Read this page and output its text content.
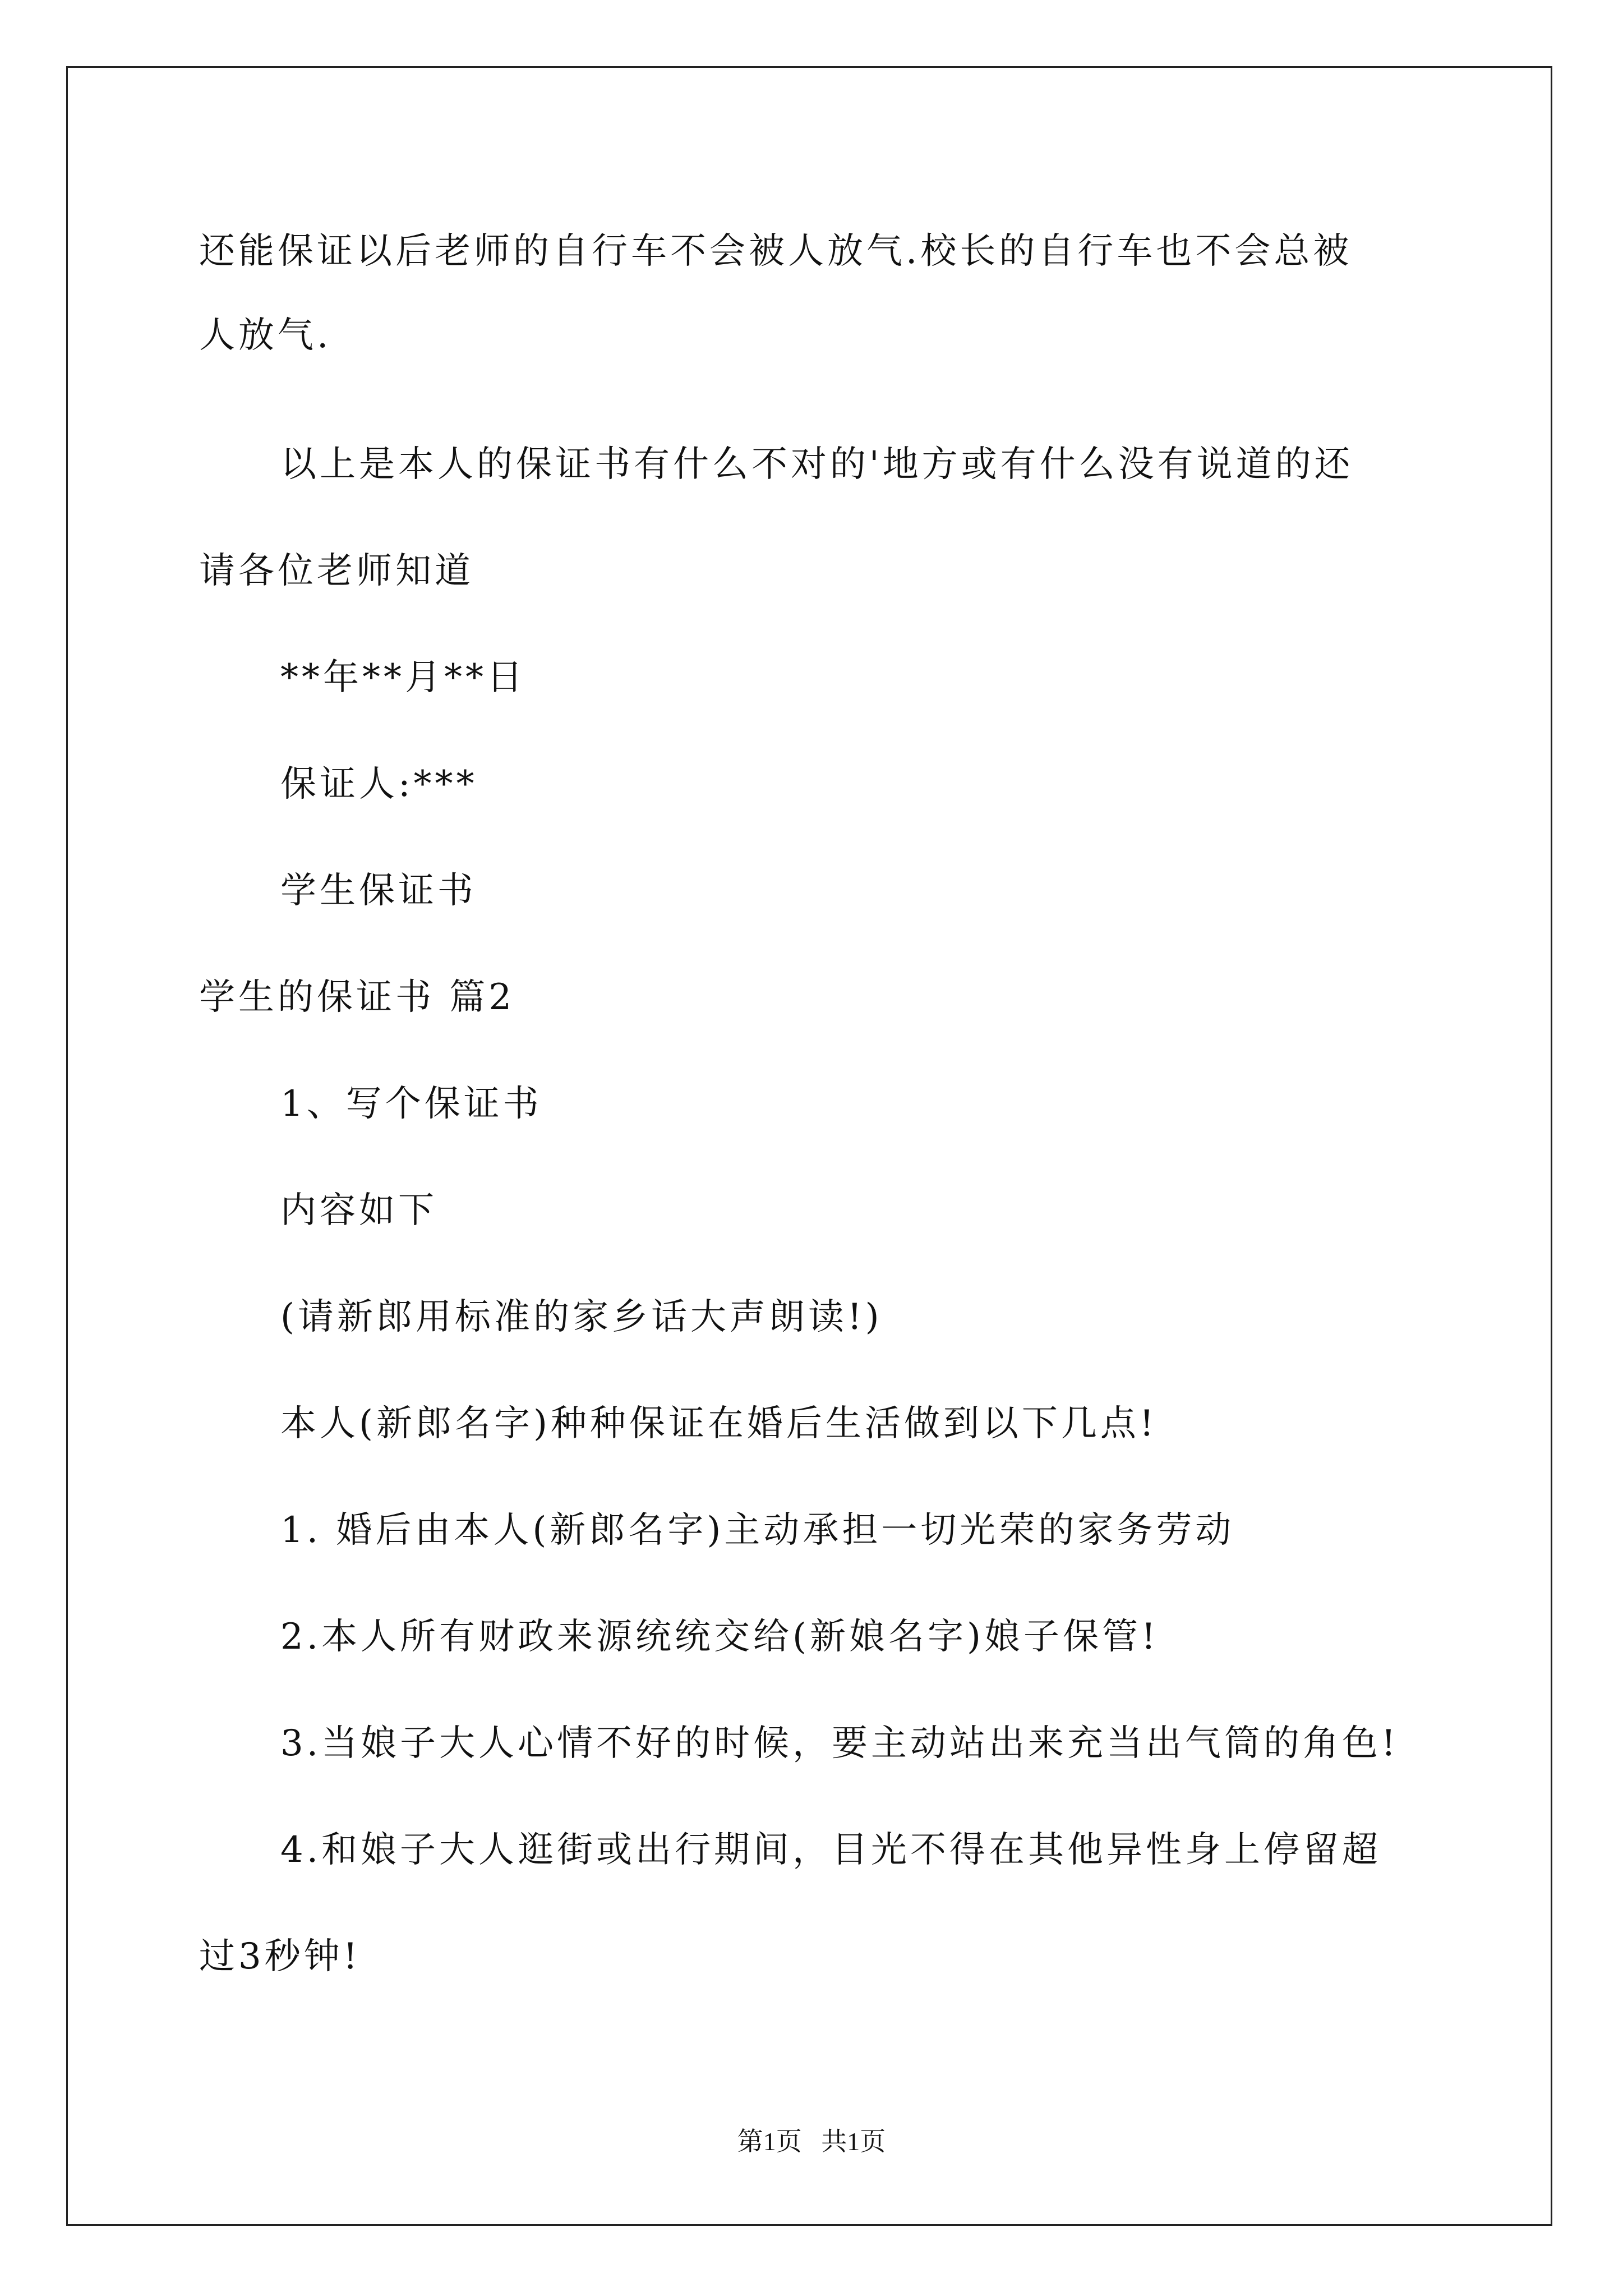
还能保证以后老师的自行车不会被人放气.校长的自行车也不会总被
人放气.
以上是本人的保证书有什么不对的'地方或有什么没有说道的还
请各位老师知道
**年**月**日
保证人:***
学生保证书
学生的保证书 篇2
1、写个保证书
内容如下
(请新郎用标准的家乡话大声朗读!)
本人(新郎名字)种种保证在婚后生活做到以下几点!
1. 婚后由本人(新郎名字)主动承担一切光荣的家务劳动
2.本人所有财政来源统统交给(新娘名字)娘子保管!
3.当娘子大人心情不好的时候，要主动站出来充当出气筒的角色!
4.和娘子大人逛街或出行期间，目光不得在其他异性身上停留超
过3秒钟!
第1页   共1页
